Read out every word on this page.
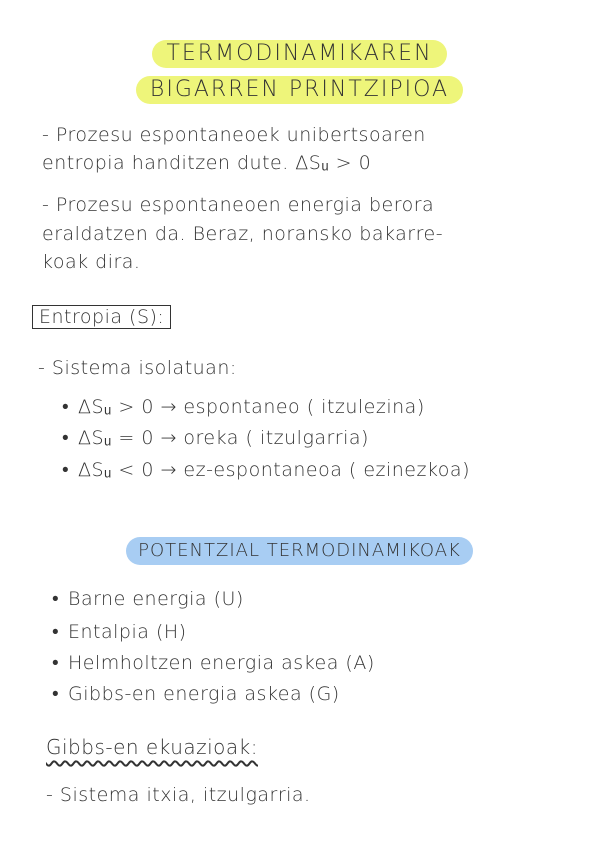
TERMODINAMIKAREN
BIGARREN PRINTZIPIOA
- Prozesu espontaneoek unibertsoaren
entropia handitzen dute. ΔSᵤ > 0
- Prozesu espontaneoen energia berora
eraldatzen da. Beraz, noransko bakarre-
koak dira.
Entropia (S):
- Sistema isolatuan:
• ΔSᵤ > 0 → espontaneo ( itzulezina)
• ΔSᵤ = 0 → oreka ( itzulgarria)
• ΔSᵤ < 0 → ez-espontaneoa ( ezinezkoa)
POTENTZIAL TERMODINAMIKOAK
• Barne energia (U)
• Entalpia (H)
• Helmholtzen energia askea (A)
• Gibbs-en energia askea (G)
Gibbs-en ekuazioak:
- Sistema itxia, itzulgarria.
